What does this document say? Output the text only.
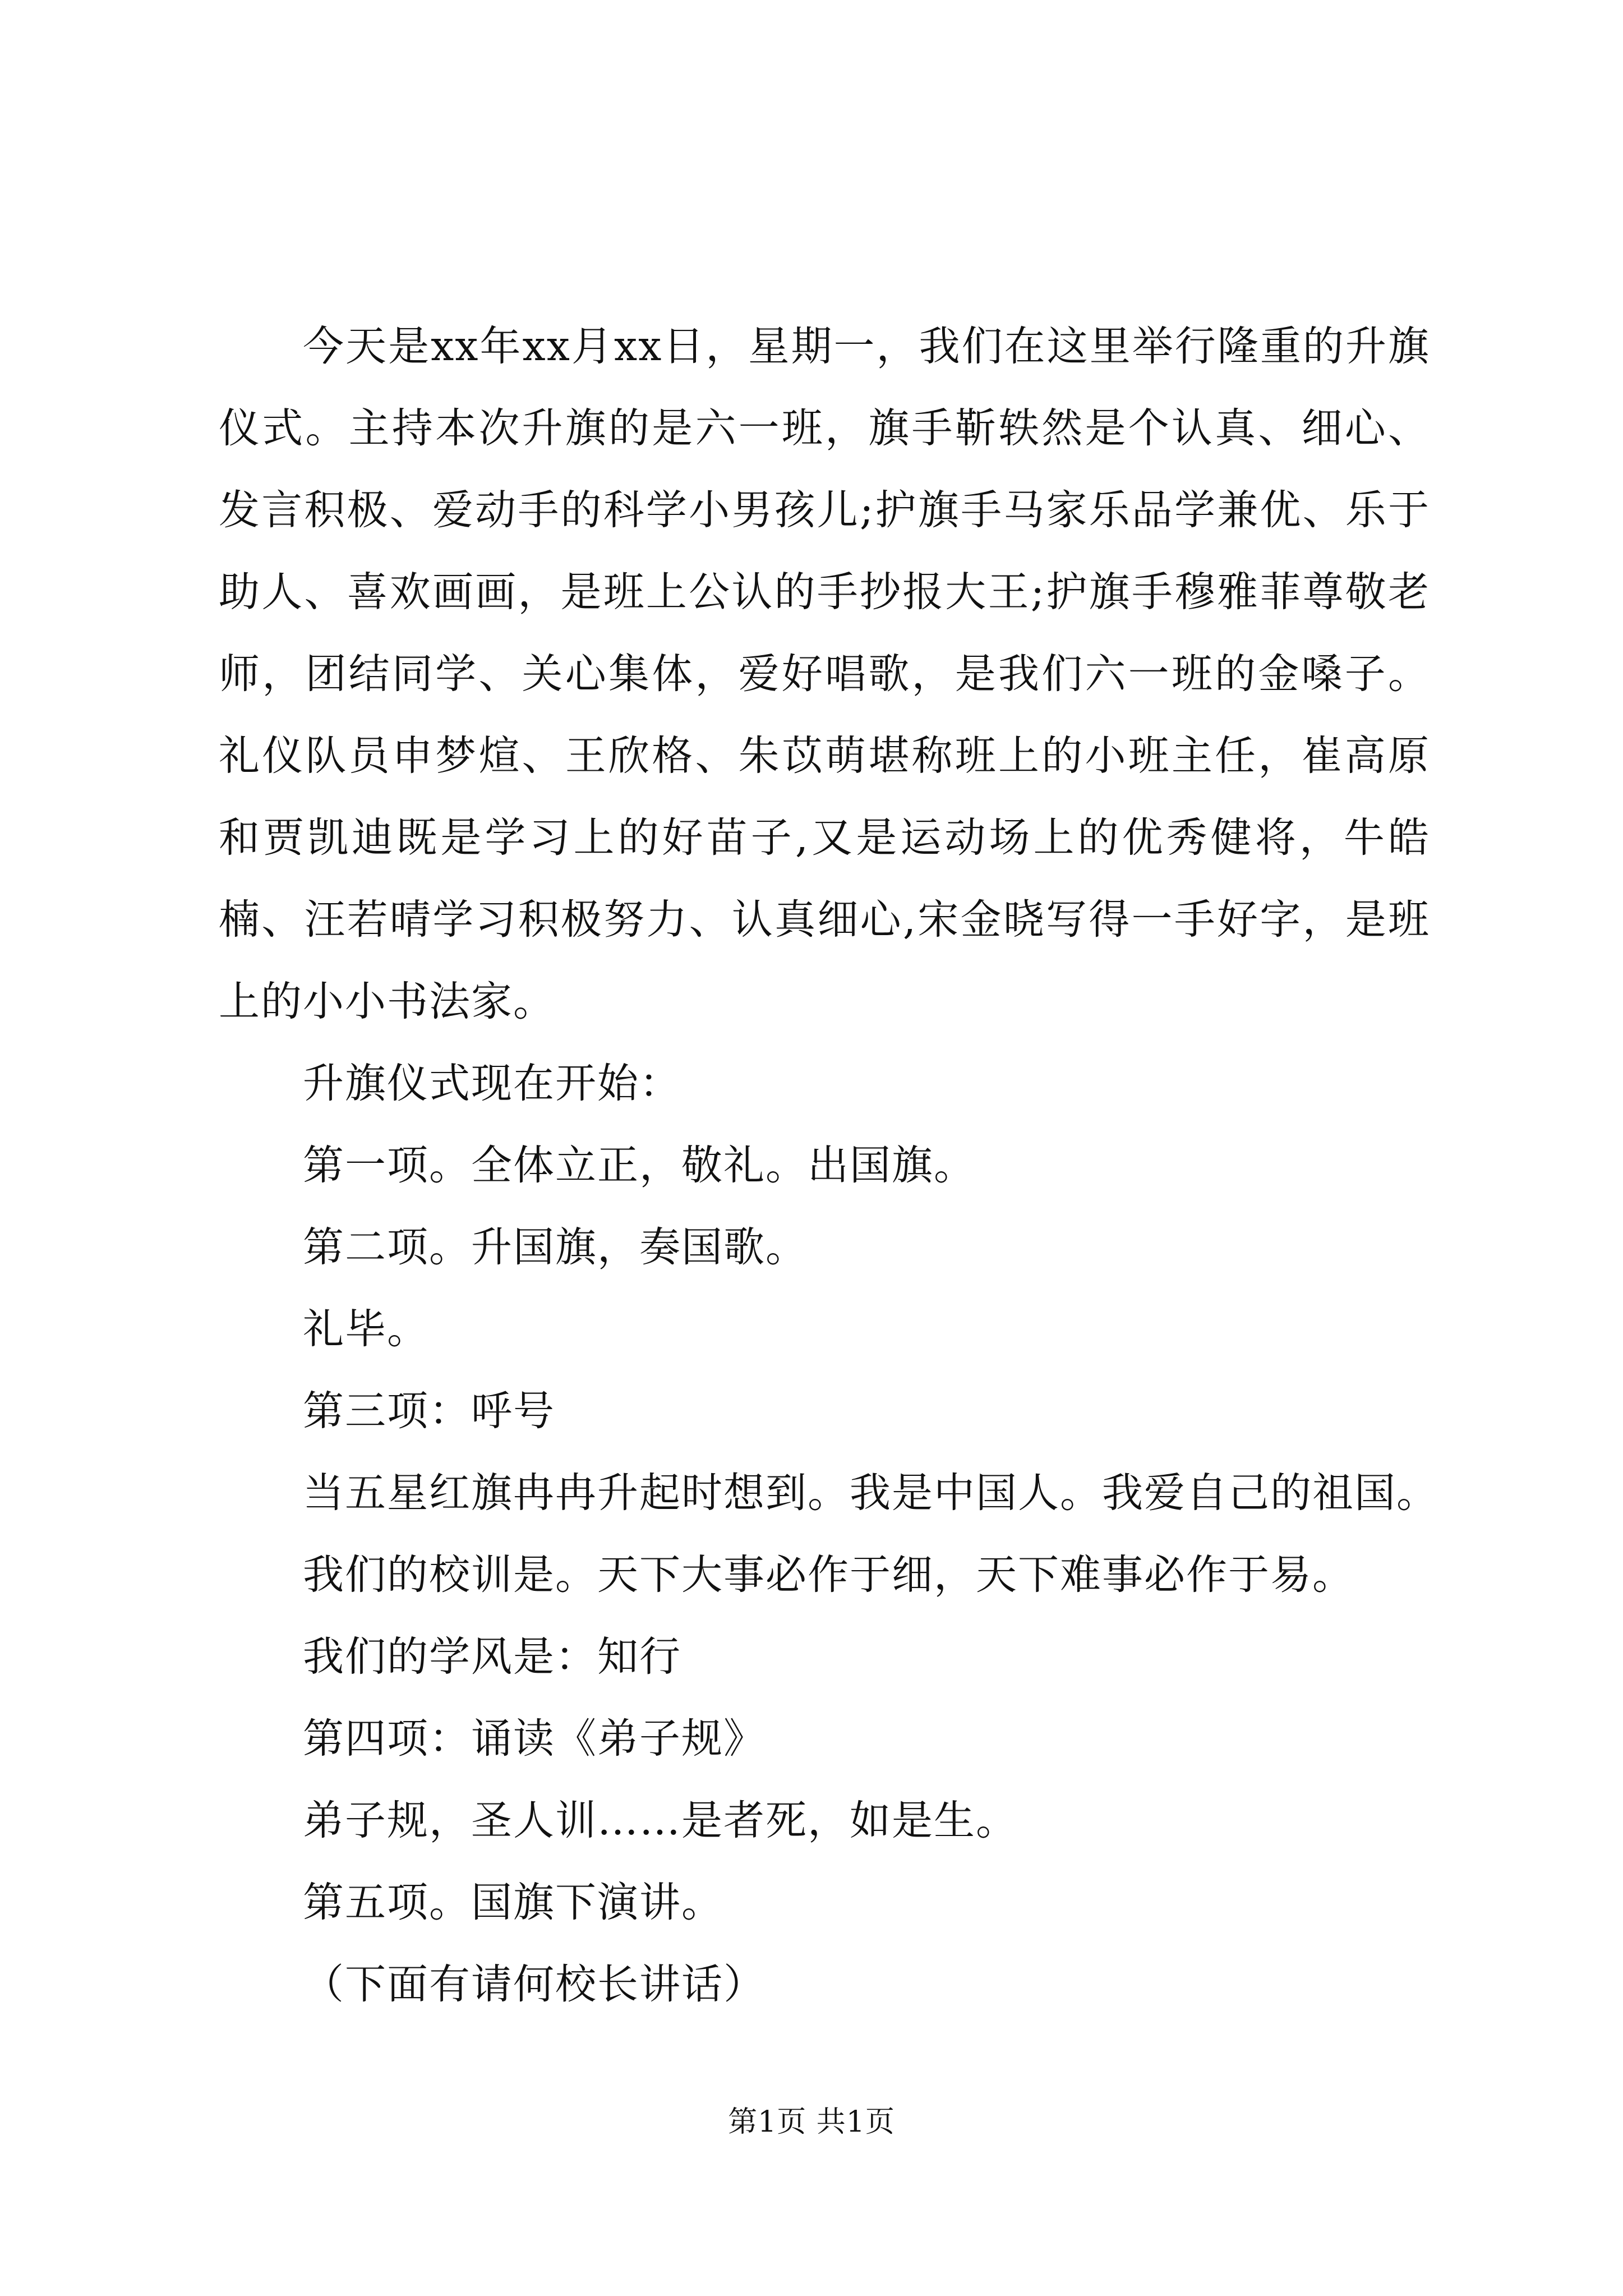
今天是xx年xx月xx日，星期一，我们在这里举行隆重的升旗仪式。主持本次升旗的是六一班，旗手靳轶然是个认真、细心、发言积极、爱动手的科学小男孩儿;护旗手马家乐品学兼优、乐于助人、喜欢画画，是班上公认的手抄报大王;护旗手穆雅菲尊敬老师，团结同学、关心集体，爱好唱歌，是我们六一班的金嗓子。礼仪队员申梦煊、王欣格、朱苡萌堪称班上的小班主任，崔高原和贾凯迪既是学习上的好苗子,又是运动场上的优秀健将，牛皓楠、汪若晴学习积极努力、认真细心,宋金晓写得一手好字，是班上的小小书法家。

升旗仪式现在开始：

第一项。全体立正，敬礼。出国旗。

第二项。升国旗，奏国歌。

礼毕。

第三项：呼号

当五星红旗冉冉升起时想到。我是中国人。我爱自己的祖国。

我们的校训是。天下大事必作于细，天下难事必作于易。

我们的学风是：知行

第四项：诵读《弟子规》

弟子规，圣人训……是者死，如是生。

第五项。国旗下演讲。

（下面有请何校长讲话）

第1页 共1页
